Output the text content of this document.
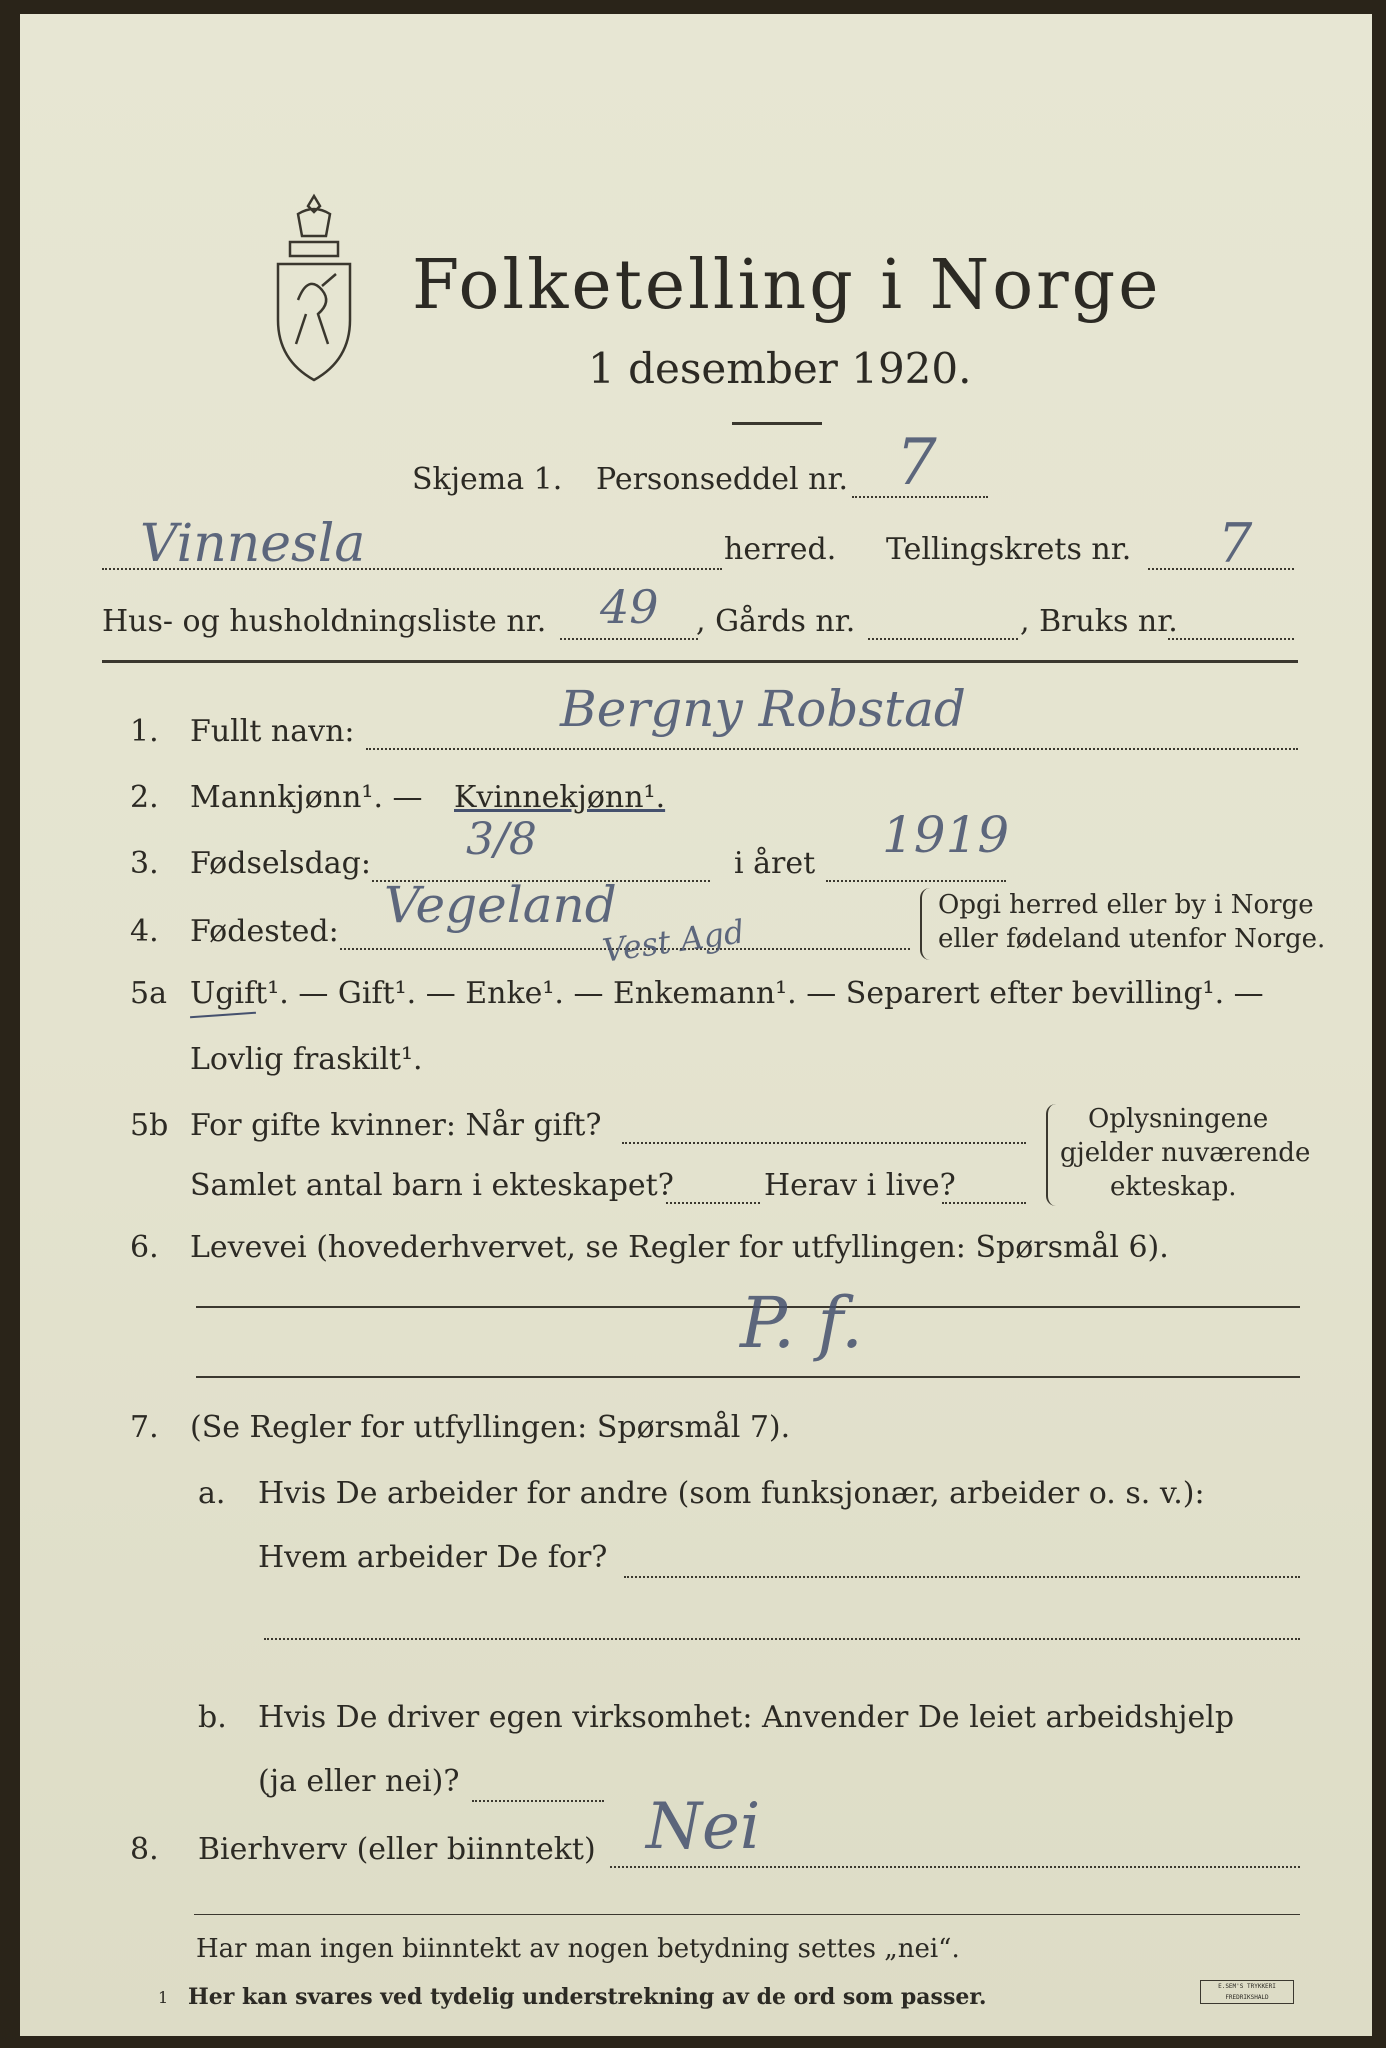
Folketelling i Norge
1 desember 1920.
Skjema 1. Personseddel nr. 7
Vinnesla	herred. Tellingskrets nr. 7
Hus- og husholdningsliste nr. 49 , Gårds nr.	, Bruks nr.
1. Fullt navn:	Bergny Robstad
2. Mannkjønn¹. — Kvinnekjønn¹.
3. Fødselsdag: 3/8	i året 1919
4. Fødested: Vegeland
Vest Agd
Opgi herred eller by i Norge
eller fødeland utenfor Norge.
5a Ugift¹. — Gift¹. — Enke¹. — Enkemann¹. — Separert efter bevilling¹. —
Lovlig fraskilt¹.
5b For gifte kvinner: Når gift?
Samlet antal barn i ekteskapet?	Herav i live?
Oplysningene
gjelder nuværende
ekteskap.
6. Levevei (hovederhvervet, se Regler for utfyllingen: Spørsmål 6).
P. f.
7. (Se Regler for utfyllingen: Spørsmål 7).
a. Hvis De arbeider for andre (som funksjonær, arbeider o. s. v.):
Hvem arbeider De for?
b. Hvis De driver egen virksomhet: Anvender De leiet arbeidshjelp
(ja eller nei)?
8. Bierhverv (eller biinntekt) Nei
Har man ingen biinntekt av nogen betydning settes „nei“.
1 Her kan svares ved tydelig understrekning av de ord som passer.	E.SEM'S TRYKKERI FREDRIKSHALD
